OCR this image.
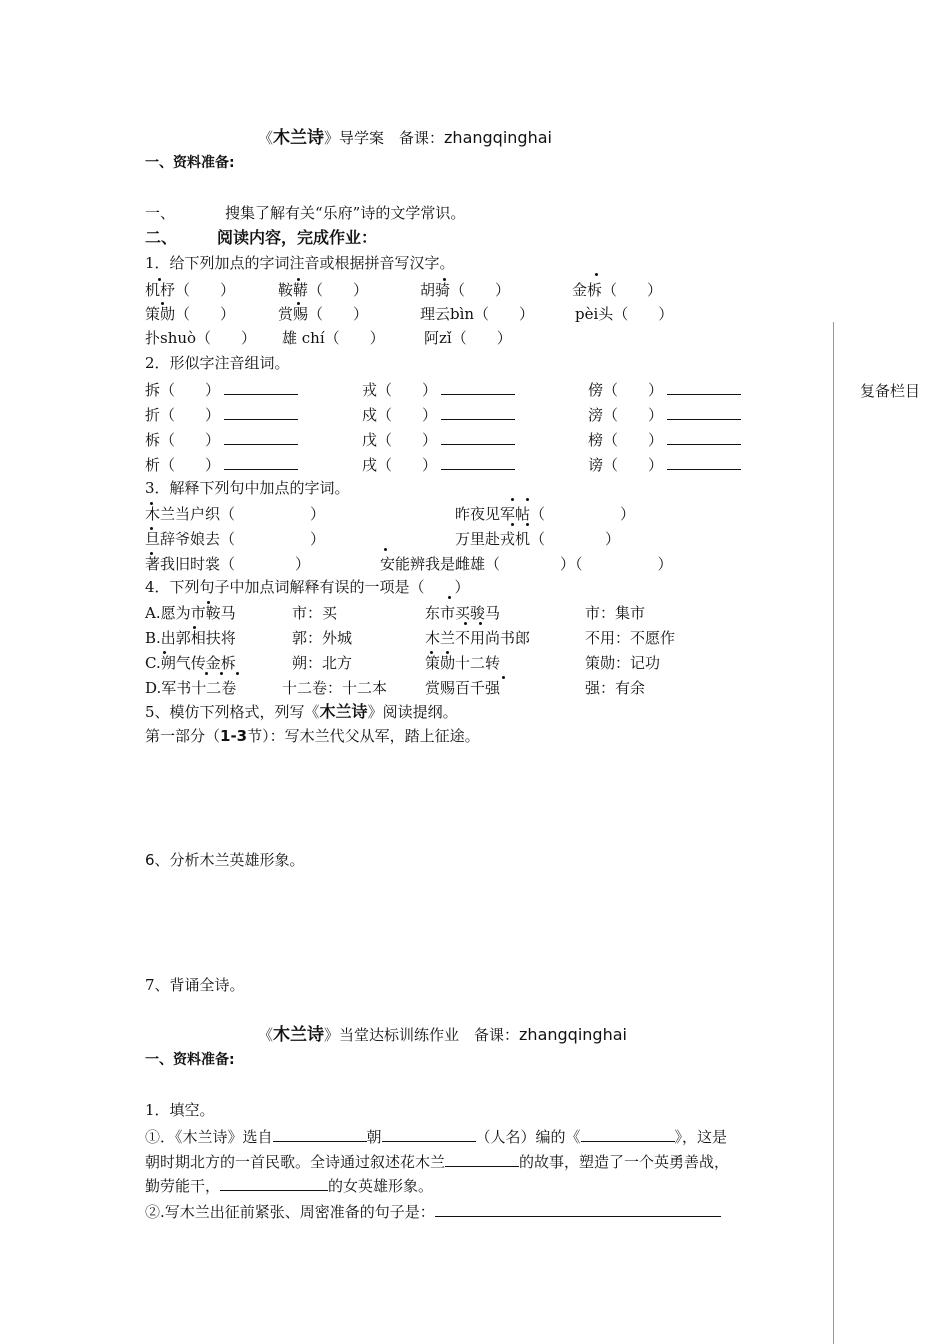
《木兰诗》导学案　备课：zhangqinghai
一、资料准备:
一、	搜集了解有关“乐府”诗的文学常识。
二、	阅读内容，完成作业：
1．给下列加点的字词注音或根据拼音写汉字。
机杼（　　）	鞍鞯（　　）	胡骑（　　）	金柝（　　）
策勋（　　）	赏赐（　　）	理云bìn（　　）	pèi头（　　）
扑shuò（　　） 雄 chí（　　）	阿zǐ（　　）
2．形似字注音组词。
拆（　　）	戎（　　）	傍（　　）
折（　　）	戍（　　）	滂（　　）
柝（　　）	戊（　　）	榜（　　）
析（　　）	戌（　　）	谤（　　）
3．解释下列句中加点的字词。
木兰当户织（　　　　　）	昨夜见军帖（　　　　　）
旦辞爷娘去（　　　　　）	万里赴戎机（　　　　）
著我旧时裳（　　　　）	安能辨我是雌雄（　　　　）（　　　　　）
4．下列句子中加点词解释有误的一项是（　　）
A.愿为市鞍马	市：买	东市买骏马	市：集市
B.出郭相扶将	郭：外城	木兰不用尚书郎	不用：不愿作
C.朔气传金柝	朔：北方	策勋十二转	策勋：记功
D.军书十二卷	十二卷：十二本	赏赐百千强	强：有余
5、模仿下列格式，列写《木兰诗》阅读提纲。
第一部分（1-3节）：写木兰代父从军，踏上征途。
6、分析木兰英雄形象。
7、背诵全诗。
《木兰诗》当堂达标训练作业　备课：zhangqinghai
一、资料准备:
1．填空。
①．《木兰诗》选自	朝	（人名）编的《	》，这是
朝时期北方的一首民歌。全诗通过叙述花木兰	的故事，塑造了一个英勇善战，
勤劳能干，	的女英雄形象。
②.写木兰出征前紧张、周密准备的句子是：
复备栏目
